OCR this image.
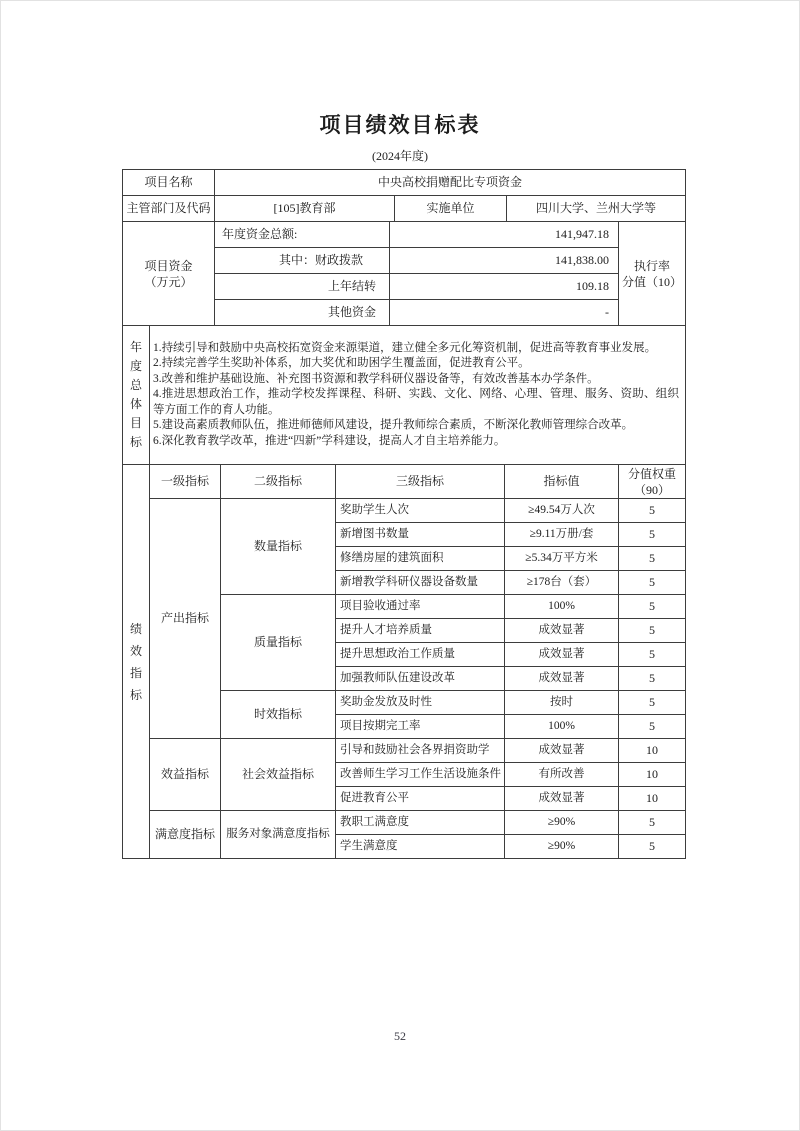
项目绩效目标表
(2024年度)
项目名称	中央高校捐赠配比专项资金
主管部门及代码	[105]教育部	实施单位	四川大学、兰州大学等
项目资金
（万元）
	年度资金总额:	141,947.18	
执行率
分值（10）

	其中：财政拨款	141,838.00	
	上年结转	109.18	
	其他资金	-	
年度总体目标

1.持续引导和鼓励中央高校拓宽资金来源渠道，建立健全多元化筹资机制，促进高等教育事业发展。
2.持续完善学生奖助补体系，加大奖优和助困学生覆盖面，促进教育公平。
3.改善和维护基础设施、补充图书资源和教学科研仪器设备等，有效改善基本办学条件。
4.推进思想政治工作，推动学校发挥课程、科研、实践、文化、网络、心理、管理、服务、资助、组织等方面工作的育人功能。
5.建设高素质教师队伍，推进师德师风建设，提升教师综合素质，不断深化教师管理综合改革。
6.深化教育教学改革，推进“四新”学科建设，提高人才自主培养能力。
绩效指标	一级指标	二级指标	三级指标	指标值	分值权重
（90）

	产出指标	数量指标	奖助学生人次	≥49.54万人次	5
			新增图书数量	≥9.11万册/套	5
			修缮房屋的建筑面积	≥5.34万平方米	5
			新增教学科研仪器设备数量	≥178台（套）	5
		质量指标	项目验收通过率	100%	5
			提升人才培养质量	成效显著	5
			提升思想政治工作质量	成效显著	5
			加强教师队伍建设改革	成效显著	5
		时效指标	奖助金发放及时性	按时	5
			项目按期完工率	100%	5
	效益指标	社会效益指标	引导和鼓励社会各界捐资助学	成效显著	10
			改善师生学习工作生活设施条件	有所改善	10
			促进教育公平	成效显著	10
	满意度指标	服务对象满意度指标	教职工满意度	≥90%	5
			学生满意度	≥90%	5
52
